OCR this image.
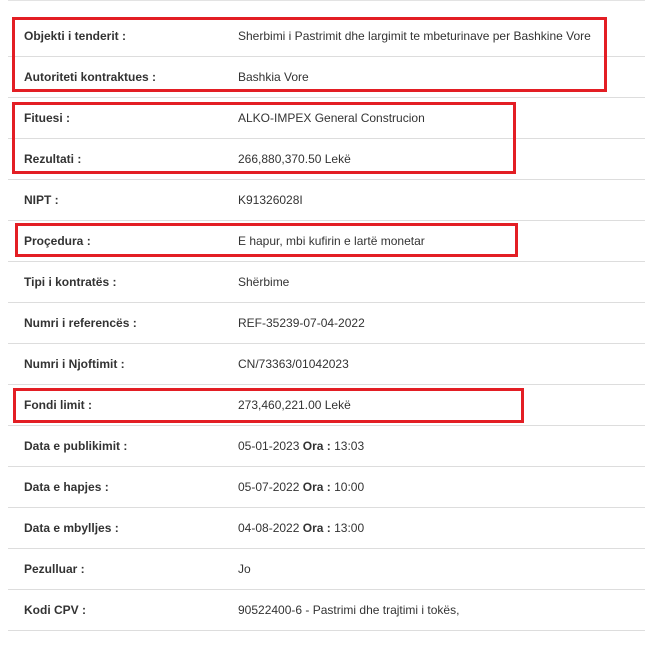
Objekti i tenderit :	Sherbimi i Pastrimit dhe largimit te mbeturinave per Bashkine Vore
Autoriteti kontraktues :	Bashkia Vore
Fituesi :	ALKO-IMPEX General Construcion
Rezultati :	266,880,370.50 Lekë
NIPT :	K91326028I
Proçedura :	E hapur, mbi kufirin e lartë monetar
Tipi i kontratës :	Shërbime
Numri i referencës :	REF-35239-07-04-2022
Numri i Njoftimit :	CN/73363/01042023
Fondi limit :	273,460,221.00 Lekë
Data e publikimit :	05-01-2023 Ora : 13:03
Data e hapjes :	05-07-2022 Ora : 10:00
Data e mbylljes :	04-08-2022 Ora : 13:00
Pezulluar :	Jo
Kodi CPV :	90522400-6 - Pastrimi dhe trajtimi i tokës,
